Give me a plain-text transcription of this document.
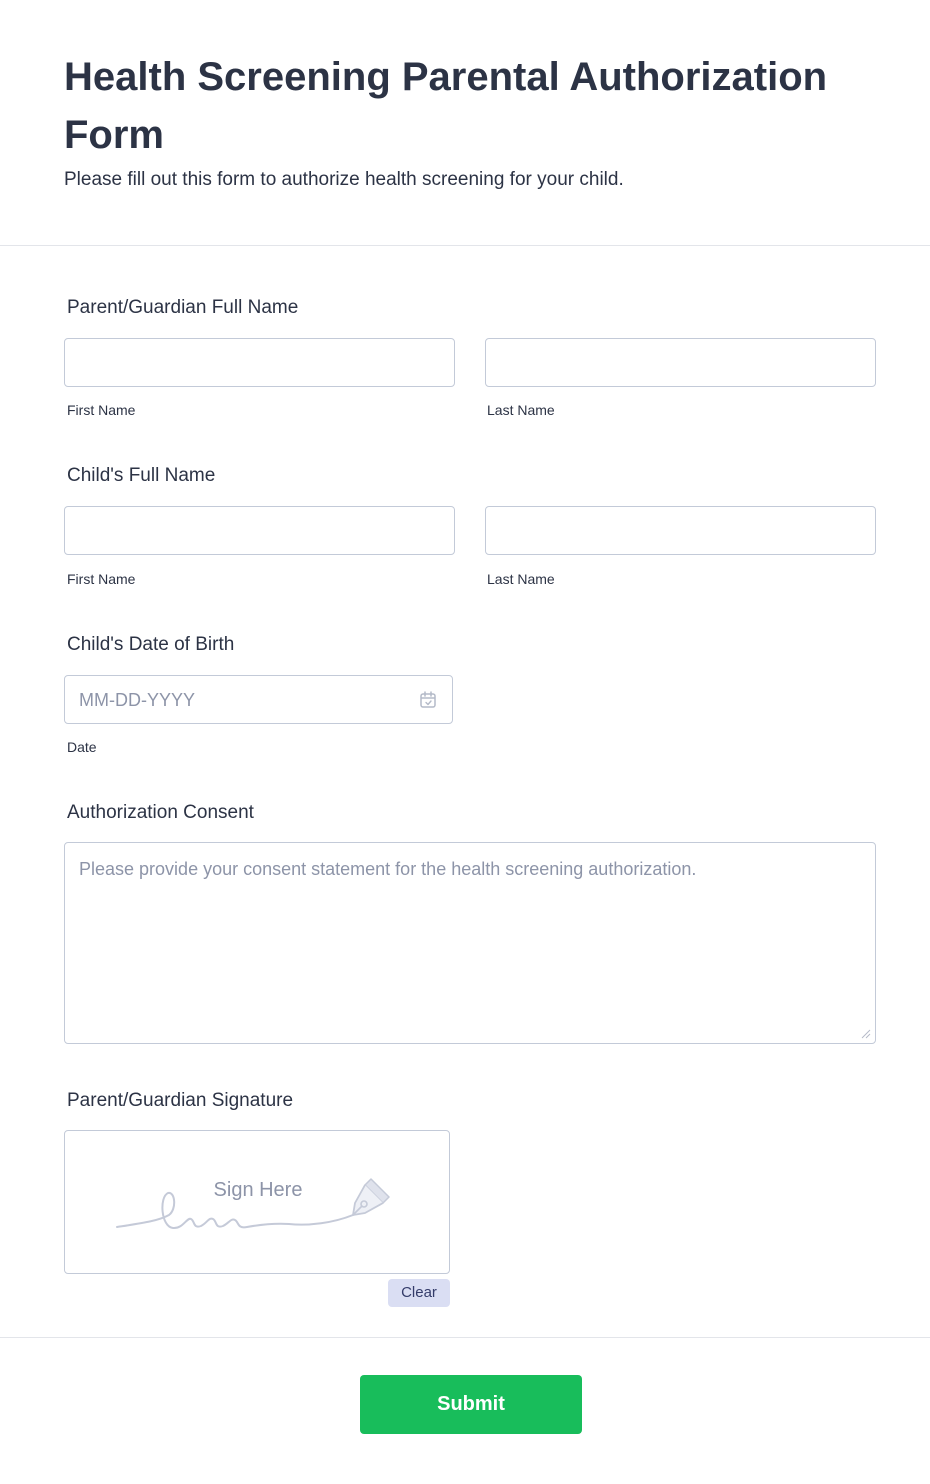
Health Screening Parental Authorization Form

Please fill out this form to authorize health screening for your child.

Parent/Guardian Full Name
First Name	Last Name
Child's Full Name
First Name	Last Name
Child's Date of Birth
MM-DD-YYYY
Date
Authorization Consent
Please provide your consent statement for the health screening authorization.
Parent/Guardian Signature
Sign Here
Clear
Submit
